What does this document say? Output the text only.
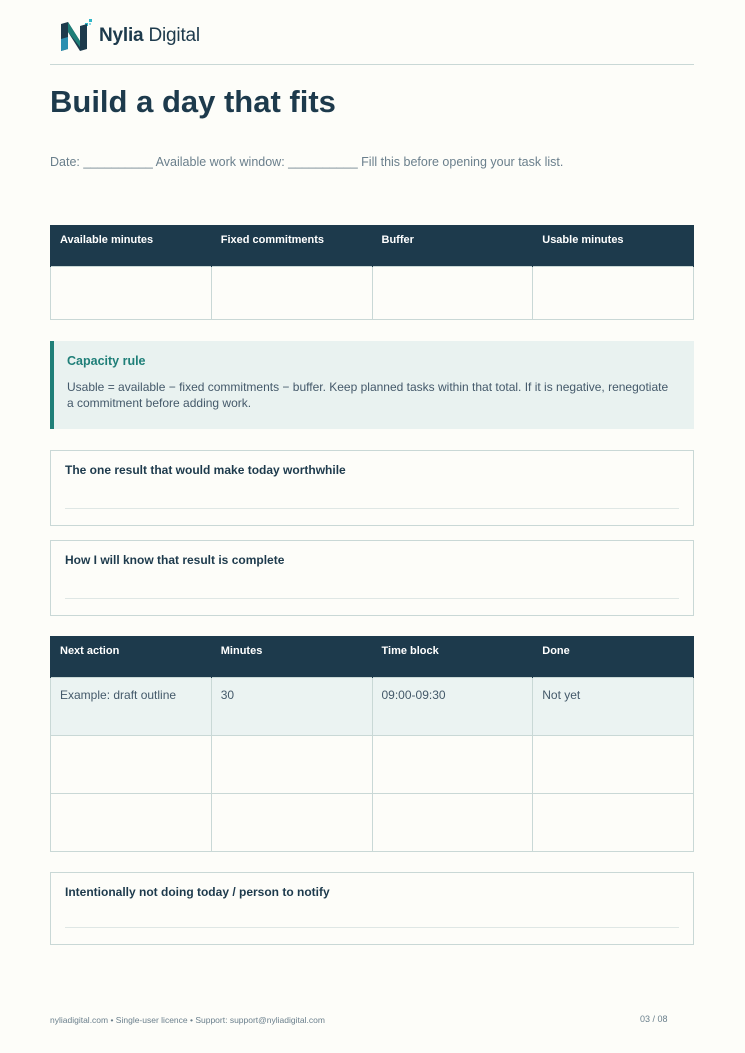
Nylia Digital
Build a day that fits
Date: __________ Available work window: __________ Fill this before opening your task list.
Available minutes	Fixed commitments	Buffer	Usable minutes

Capacity rule

Usable = available − fixed commitments − buffer. Keep planned tasks within that total. If it is negative, renegotiate a commitment before adding work.

The one result that would make today worthwhile

How I will know that result is complete

Next action	Minutes	Time block	Done
Example: draft outline	30	09:00-09:30	Not yet

Intentionally not doing today / person to notify

nyliadigital.com • Single-user licence • Support: support@nyliadigital.com	03 / 08
